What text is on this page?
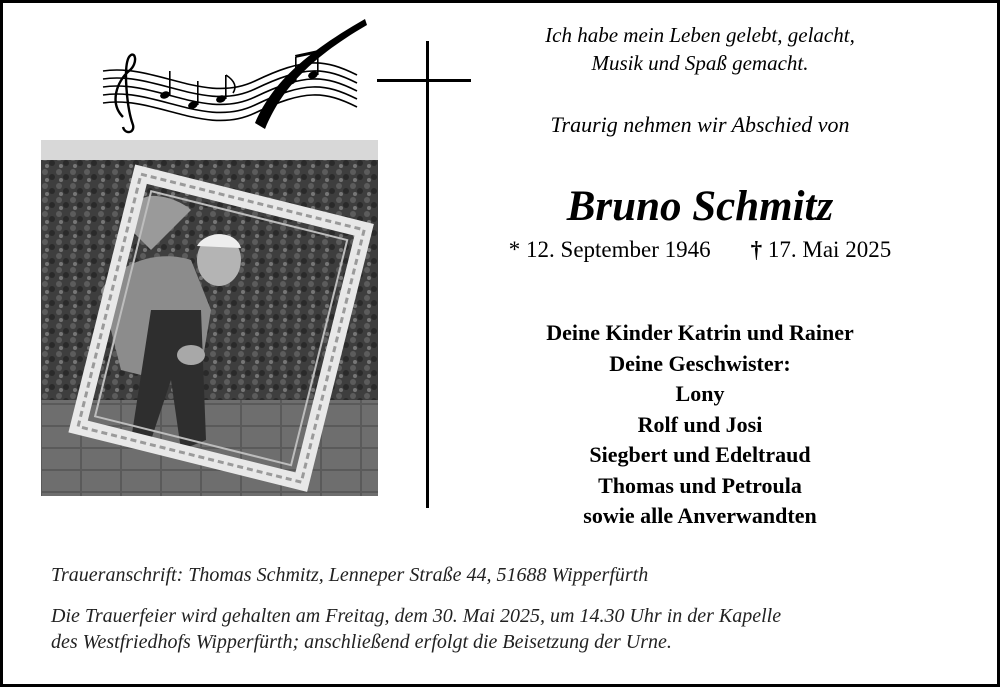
Ich habe mein Leben gelebt, gelacht,
Musik und Spaß gemacht.
Traurig nehmen wir Abschied von
Bruno Schmitz
* 12. September 1946 † 17. Mai 2025
Deine Kinder Katrin und Rainer
Deine Geschwister:
Lony
Rolf und Josi
Siegbert und Edeltraud
Thomas und Petroula
sowie alle Anverwandten
Traueranschrift: Thomas Schmitz, Lenneper Straße 44, 51688 Wipperfürth
Die Trauerfeier wird gehalten am Freitag, dem 30. Mai 2025, um 14.30 Uhr in der Kapelle
des Westfriedhofs Wipperfürth; anschließend erfolgt die Beisetzung der Urne.
